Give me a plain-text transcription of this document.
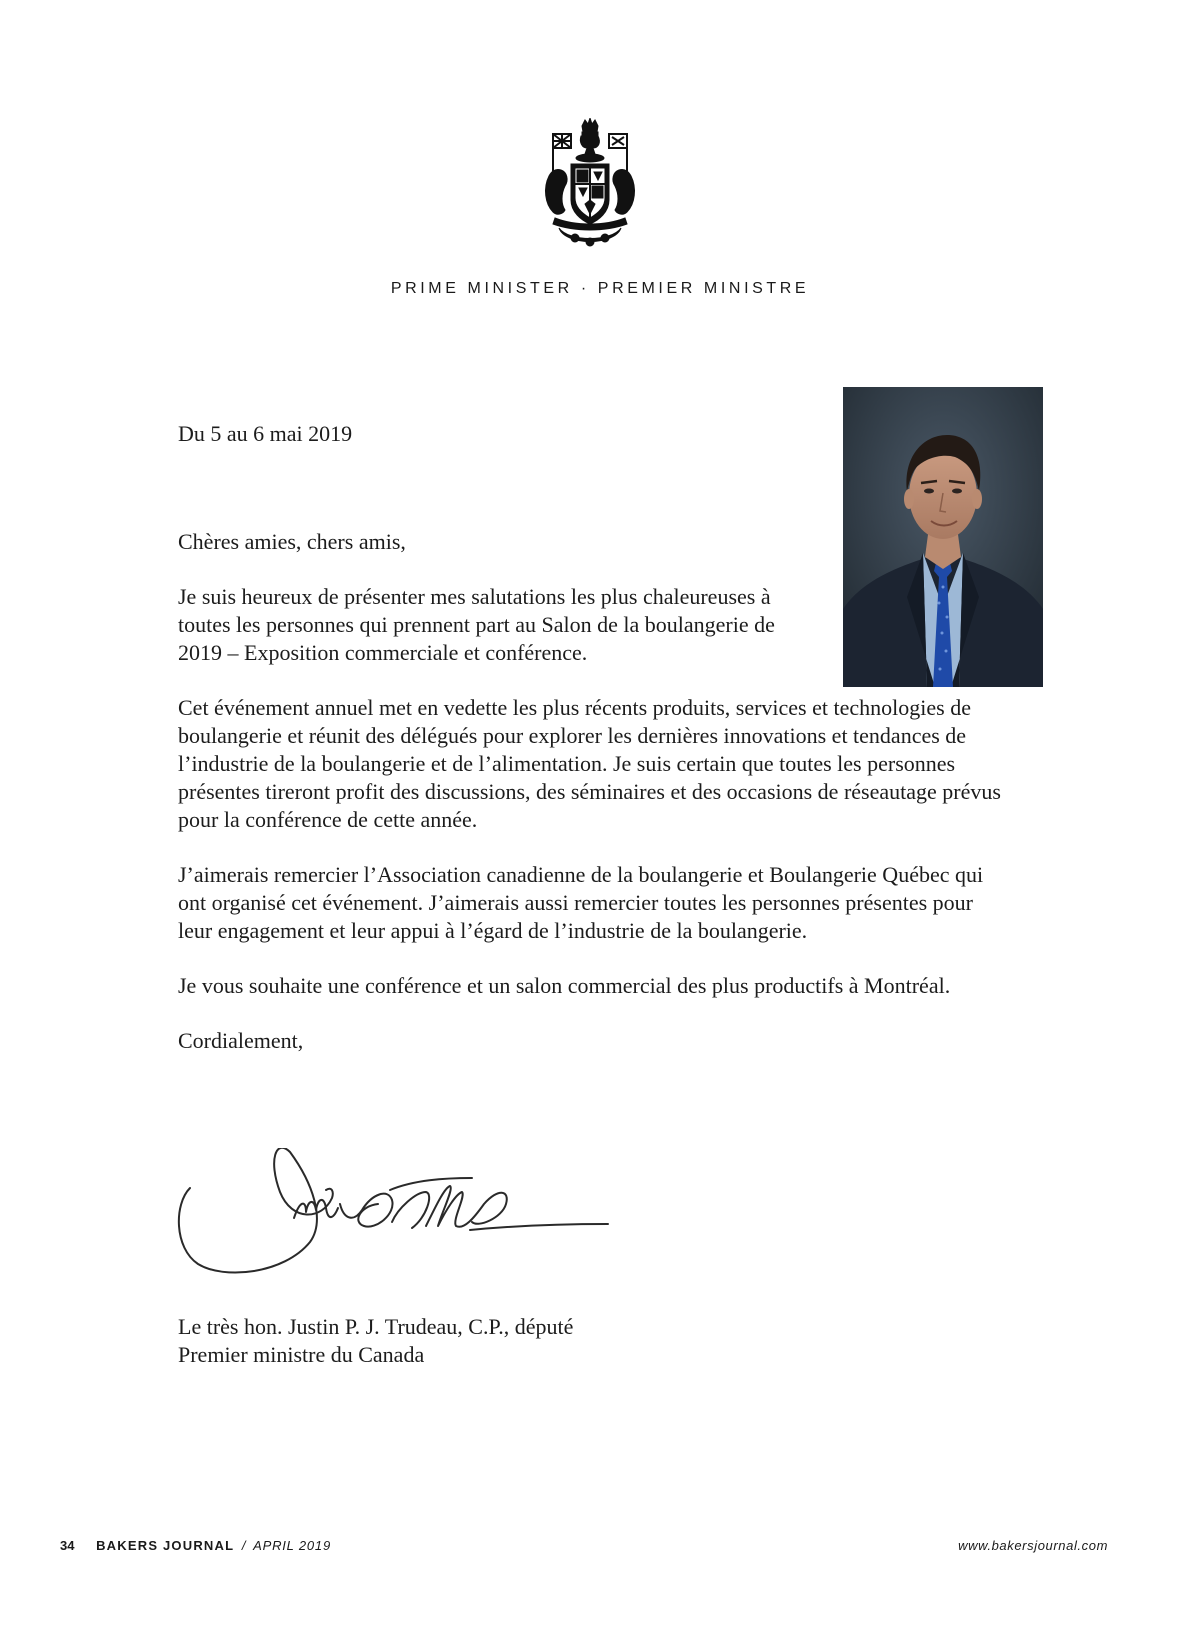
PRIME MINISTER · PREMIER MINISTRE

Du 5 au 6 mai 2019

Chères amies, chers amis,

Je suis heureux de présenter mes salutations les plus chaleureuses à toutes les personnes qui prennent part au Salon de la boulangerie de 2019 – Exposition commerciale et conférence.

Cet événement annuel met en vedette les plus récents produits, services et technologies de boulangerie et réunit des délégués pour explorer les dernières innovations et tendances de l’industrie de la boulangerie et de l’alimentation. Je suis certain que toutes les personnes présentes tireront profit des discussions, des séminaires et des occasions de réseautage prévus pour la conférence de cette année.

J’aimerais remercier l’Association canadienne de la boulangerie et Boulangerie Québec qui ont organisé cet événement. J’aimerais aussi remercier toutes les personnes présentes pour leur engagement et leur appui à l’égard de l’industrie de la boulangerie.

Je vous souhaite une conférence et un salon commercial des plus productifs à Montréal.

Cordialement,

Le très hon. Justin P. J. Trudeau, C.P., député
Premier ministre du Canada
34 BAKERS JOURNAL / APRIL 2019	www.bakersjournal.com
